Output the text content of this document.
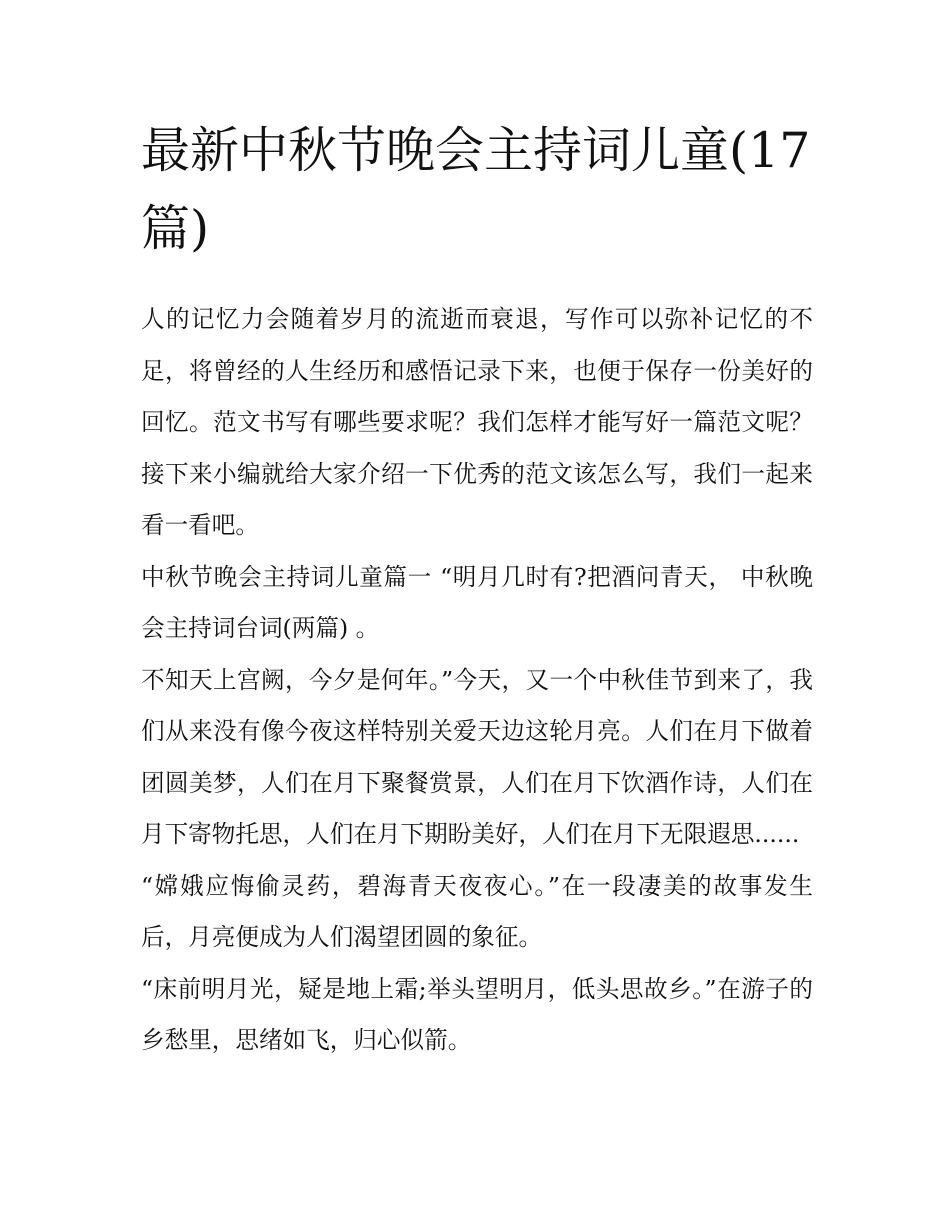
最新中秋节晚会主持词儿童(17篇)

人的记忆力会随着岁月的流逝而衰退，写作可以弥补记忆的不足，将曾经的人生经历和感悟记录下来，也便于保存一份美好的回忆。范文书写有哪些要求呢？我们怎样才能写好一篇范文呢？接下来小编就给大家介绍一下优秀的范文该怎么写，我们一起来看一看吧。

中秋节晚会主持词儿童篇一 “明月几时有?把酒问青天， 中秋晚会主持词台词(两篇) 。

不知天上宫阙，今夕是何年。”今天，又一个中秋佳节到来了，我们从来没有像今夜这样特别关爱天边这轮月亮。人们在月下做着团圆美梦，人们在月下聚餐赏景，人们在月下饮酒作诗，人们在月下寄物托思，人们在月下期盼美好，人们在月下无限遐思......

“嫦娥应悔偷灵药，碧海青天夜夜心。”在一段凄美的故事发生后，月亮便成为人们渴望团圆的象征。

“床前明月光，疑是地上霜;举头望明月，低头思故乡。”在游子的乡愁里，思绪如飞，归心似箭。
